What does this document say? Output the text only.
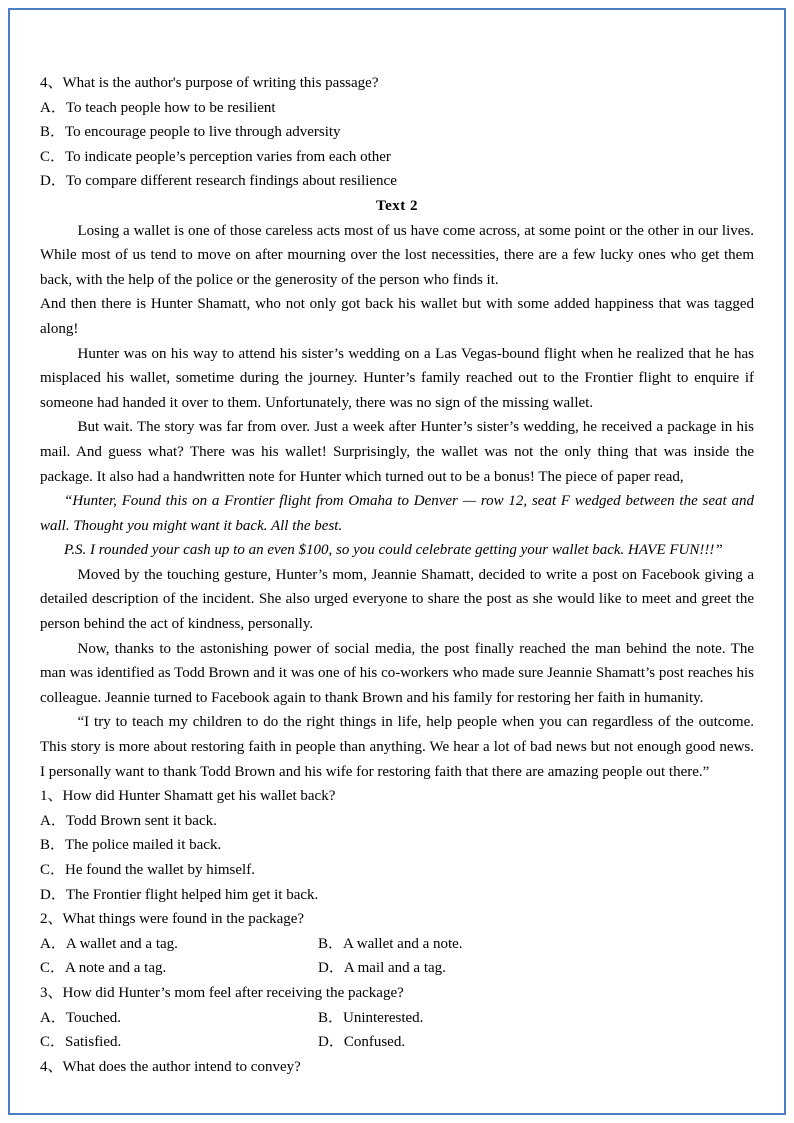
4、What is the author's purpose of writing this passage?
A．To teach people how to be resilient
B．To encourage people to live through adversity
C．To indicate people’s perception varies from each other
D．To compare different research findings about resilience
Text 2

Losing a wallet is one of those careless acts most of us have come across, at some point or the other in our lives. While most of us tend to move on after mourning over the lost necessities, there are a few lucky ones who get them back, with the help of the police or the generosity of the person who finds it.

And then there is Hunter Shamatt, who not only got back his wallet but with some added happiness that was tagged along!

Hunter was on his way to attend his sister’s wedding on a Las Vegas-bound flight when he realized that he has misplaced his wallet, sometime during the journey. Hunter’s family reached out to the Frontier flight to enquire if someone had handed it over to them. Unfortunately, there was no sign of the missing wallet.

But wait. The story was far from over. Just a week after Hunter’s sister’s wedding, he received a package in his mail. And guess what? There was his wallet! Surprisingly, the wallet was not the only thing that was inside the package. It also had a handwritten note for Hunter which turned out to be a bonus! The piece of paper read,

“Hunter, Found this on a Frontier flight from Omaha to Denver — row 12, seat F wedged between the seat and wall. Thought you might want it back. All the best.

P.S. I rounded your cash up to an even $100, so you could celebrate getting your wallet back. HAVE FUN!!!”

Moved by the touching gesture, Hunter’s mom, Jeannie Shamatt, decided to write a post on Facebook giving a detailed description of the incident. She also urged everyone to share the post as she would like to meet and greet the person behind the act of kindness, personally.

Now, thanks to the astonishing power of social media, the post finally reached the man behind the note. The man was identified as Todd Brown and it was one of his co-workers who made sure Jeannie Shamatt’s post reaches his colleague. Jeannie turned to Facebook again to thank Brown and his family for restoring her faith in humanity.

“I try to teach my children to do the right things in life, help people when you can regardless of the outcome. This story is more about restoring faith in people than anything. We hear a lot of bad news but not enough good news. I personally want to thank Todd Brown and his wife for restoring faith that there are amazing people out there.”

1、How did Hunter Shamatt get his wallet back?
A．Todd Brown sent it back.
B．The police mailed it back.
C．He found the wallet by himself.
D．The Frontier flight helped him get it back.
2、What things were found in the package?
A．A wallet and a tag.	B．A wallet and a note.
C．A note and a tag.	D．A mail and a tag.
3、How did Hunter’s mom feel after receiving the package?
A．Touched.	B．Uninterested.
C．Satisfied.	D．Confused.
4、What does the author intend to convey?
